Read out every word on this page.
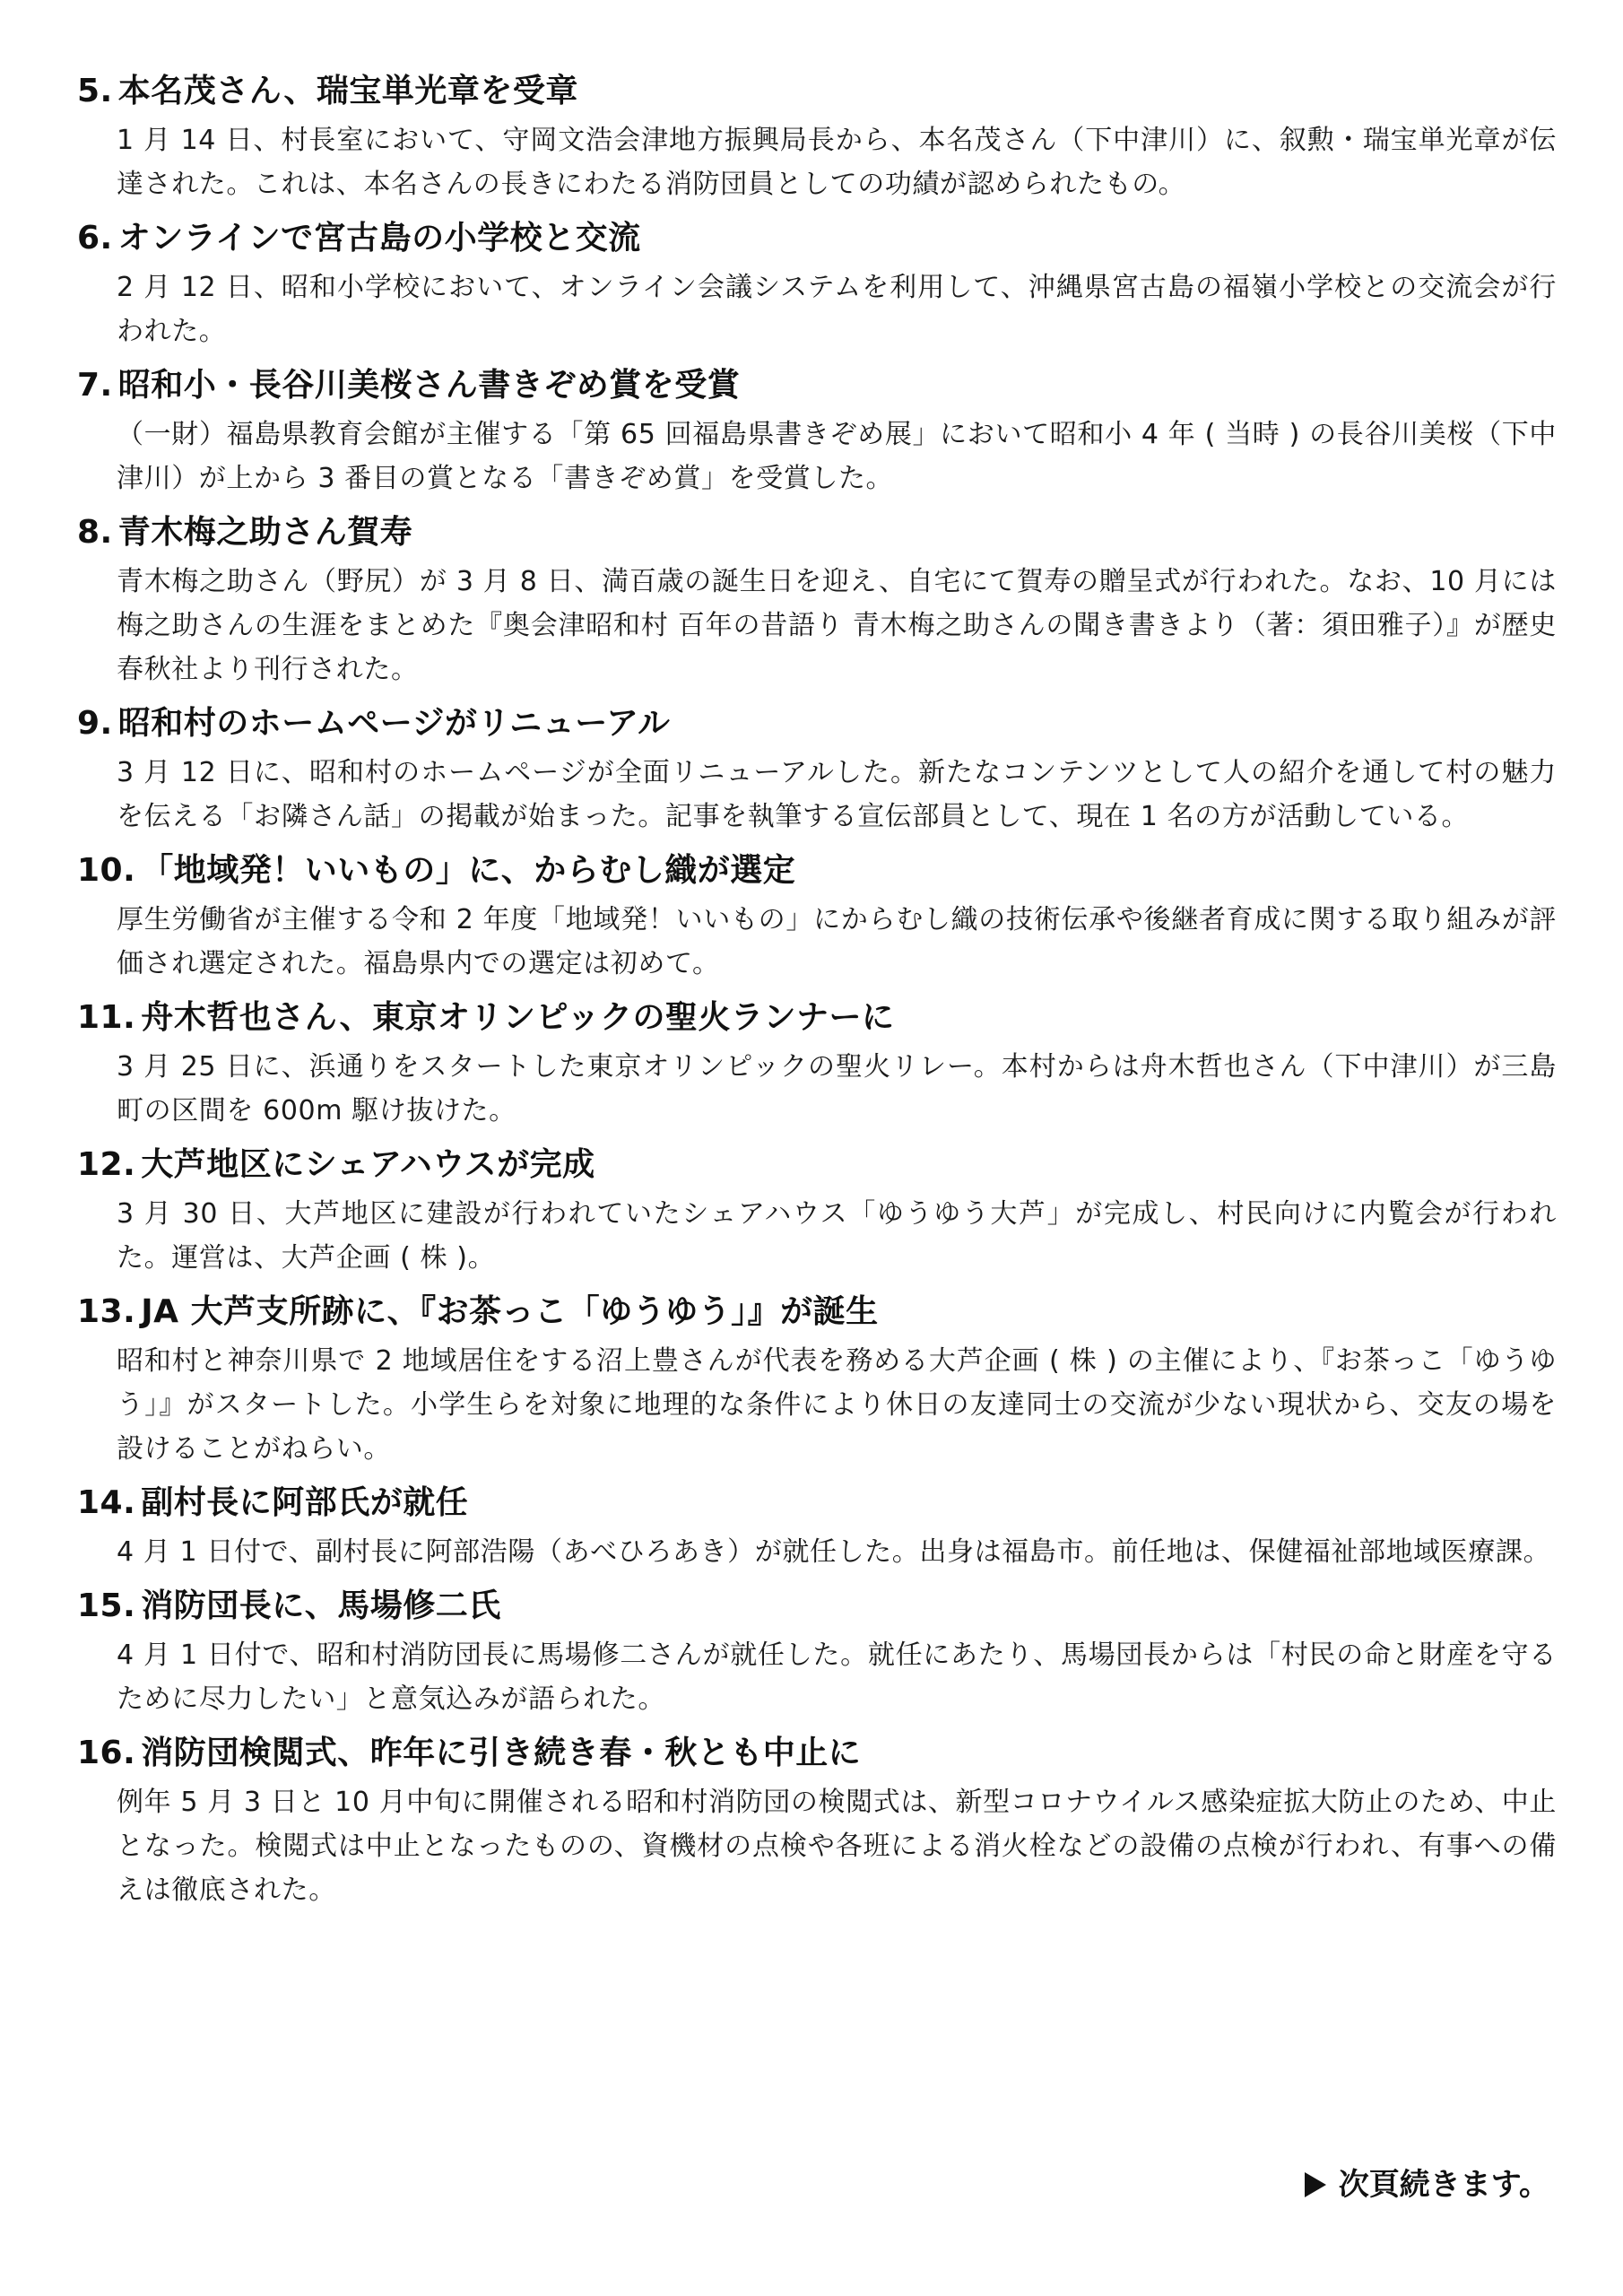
5. 本名茂さん、瑞宝単光章を受章
1 月 14 日、村長室において、守岡文浩会津地方振興局長から、本名茂さん（下中津川）に、叙勲・瑞宝単光章が伝達された。これは、本名さんの長きにわたる消防団員としての功績が認められたもの。
6. オンラインで宮古島の小学校と交流
2 月 12 日、昭和小学校において、オンライン会議システムを利用して、沖縄県宮古島の福嶺小学校との交流会が行われた。
7. 昭和小・長谷川美桜さん書きぞめ賞を受賞
（一財）福島県教育会館が主催する「第 65 回福島県書きぞめ展」において昭和小 4 年 ( 当時 ) の長谷川美桜（下中津川）が上から 3 番目の賞となる「書きぞめ賞」を受賞した。
8. 青木梅之助さん賀寿
青木梅之助さん（野尻）が 3 月 8 日、満百歳の誕生日を迎え、自宅にて賀寿の贈呈式が行われた。なお、10 月には梅之助さんの生涯をまとめた『奥会津昭和村 百年の昔語り 青木梅之助さんの聞き書きより（著：須田雅子）』が歴史春秋社より刊行された。
9. 昭和村のホームページがリニューアル
3 月 12 日に、昭和村のホームページが全面リニューアルした。新たなコンテンツとして人の紹介を通して村の魅力を伝える「お隣さん話」の掲載が始まった。記事を執筆する宣伝部員として、現在 1 名の方が活動している。
10. 「地域発！いいもの」に、からむし織が選定
厚生労働省が主催する令和 2 年度「地域発！いいもの」にからむし織の技術伝承や後継者育成に関する取り組みが評価され選定された。福島県内での選定は初めて。
11. 舟木哲也さん、東京オリンピックの聖火ランナーに
3 月 25 日に、浜通りをスタートした東京オリンピックの聖火リレー。本村からは舟木哲也さん（下中津川）が三島町の区間を 600m 駆け抜けた。
12. 大芦地区にシェアハウスが完成
3 月 30 日、大芦地区に建設が行われていたシェアハウス「ゆうゆう大芦」が完成し、村民向けに内覧会が行われた。運営は、大芦企画 ( 株 )。
13. JA 大芦支所跡に、『お茶っこ「ゆうゆう」』が誕生
昭和村と神奈川県で 2 地域居住をする沼上豊さんが代表を務める大芦企画 ( 株 ) の主催により、『お茶っこ「ゆうゆう」』がスタートした。小学生らを対象に地理的な条件により休日の友達同士の交流が少ない現状から、交友の場を設けることがねらい。
14. 副村長に阿部氏が就任
4 月 1 日付で、副村長に阿部浩陽（あべひろあき）が就任した。出身は福島市。前任地は、保健福祉部地域医療課。
15. 消防団長に、馬場修二氏
4 月 1 日付で、昭和村消防団長に馬場修二さんが就任した。就任にあたり、馬場団長からは「村民の命と財産を守るために尽力したい」と意気込みが語られた。
16. 消防団検閲式、昨年に引き続き春・秋とも中止に
例年 5 月 3 日と 10 月中旬に開催される昭和村消防団の検閲式は、新型コロナウイルス感染症拡大防止のため、中止となった。検閲式は中止となったものの、資機材の点検や各班による消火栓などの設備の点検が行われ、有事への備えは徹底された。
次頁続きます。
